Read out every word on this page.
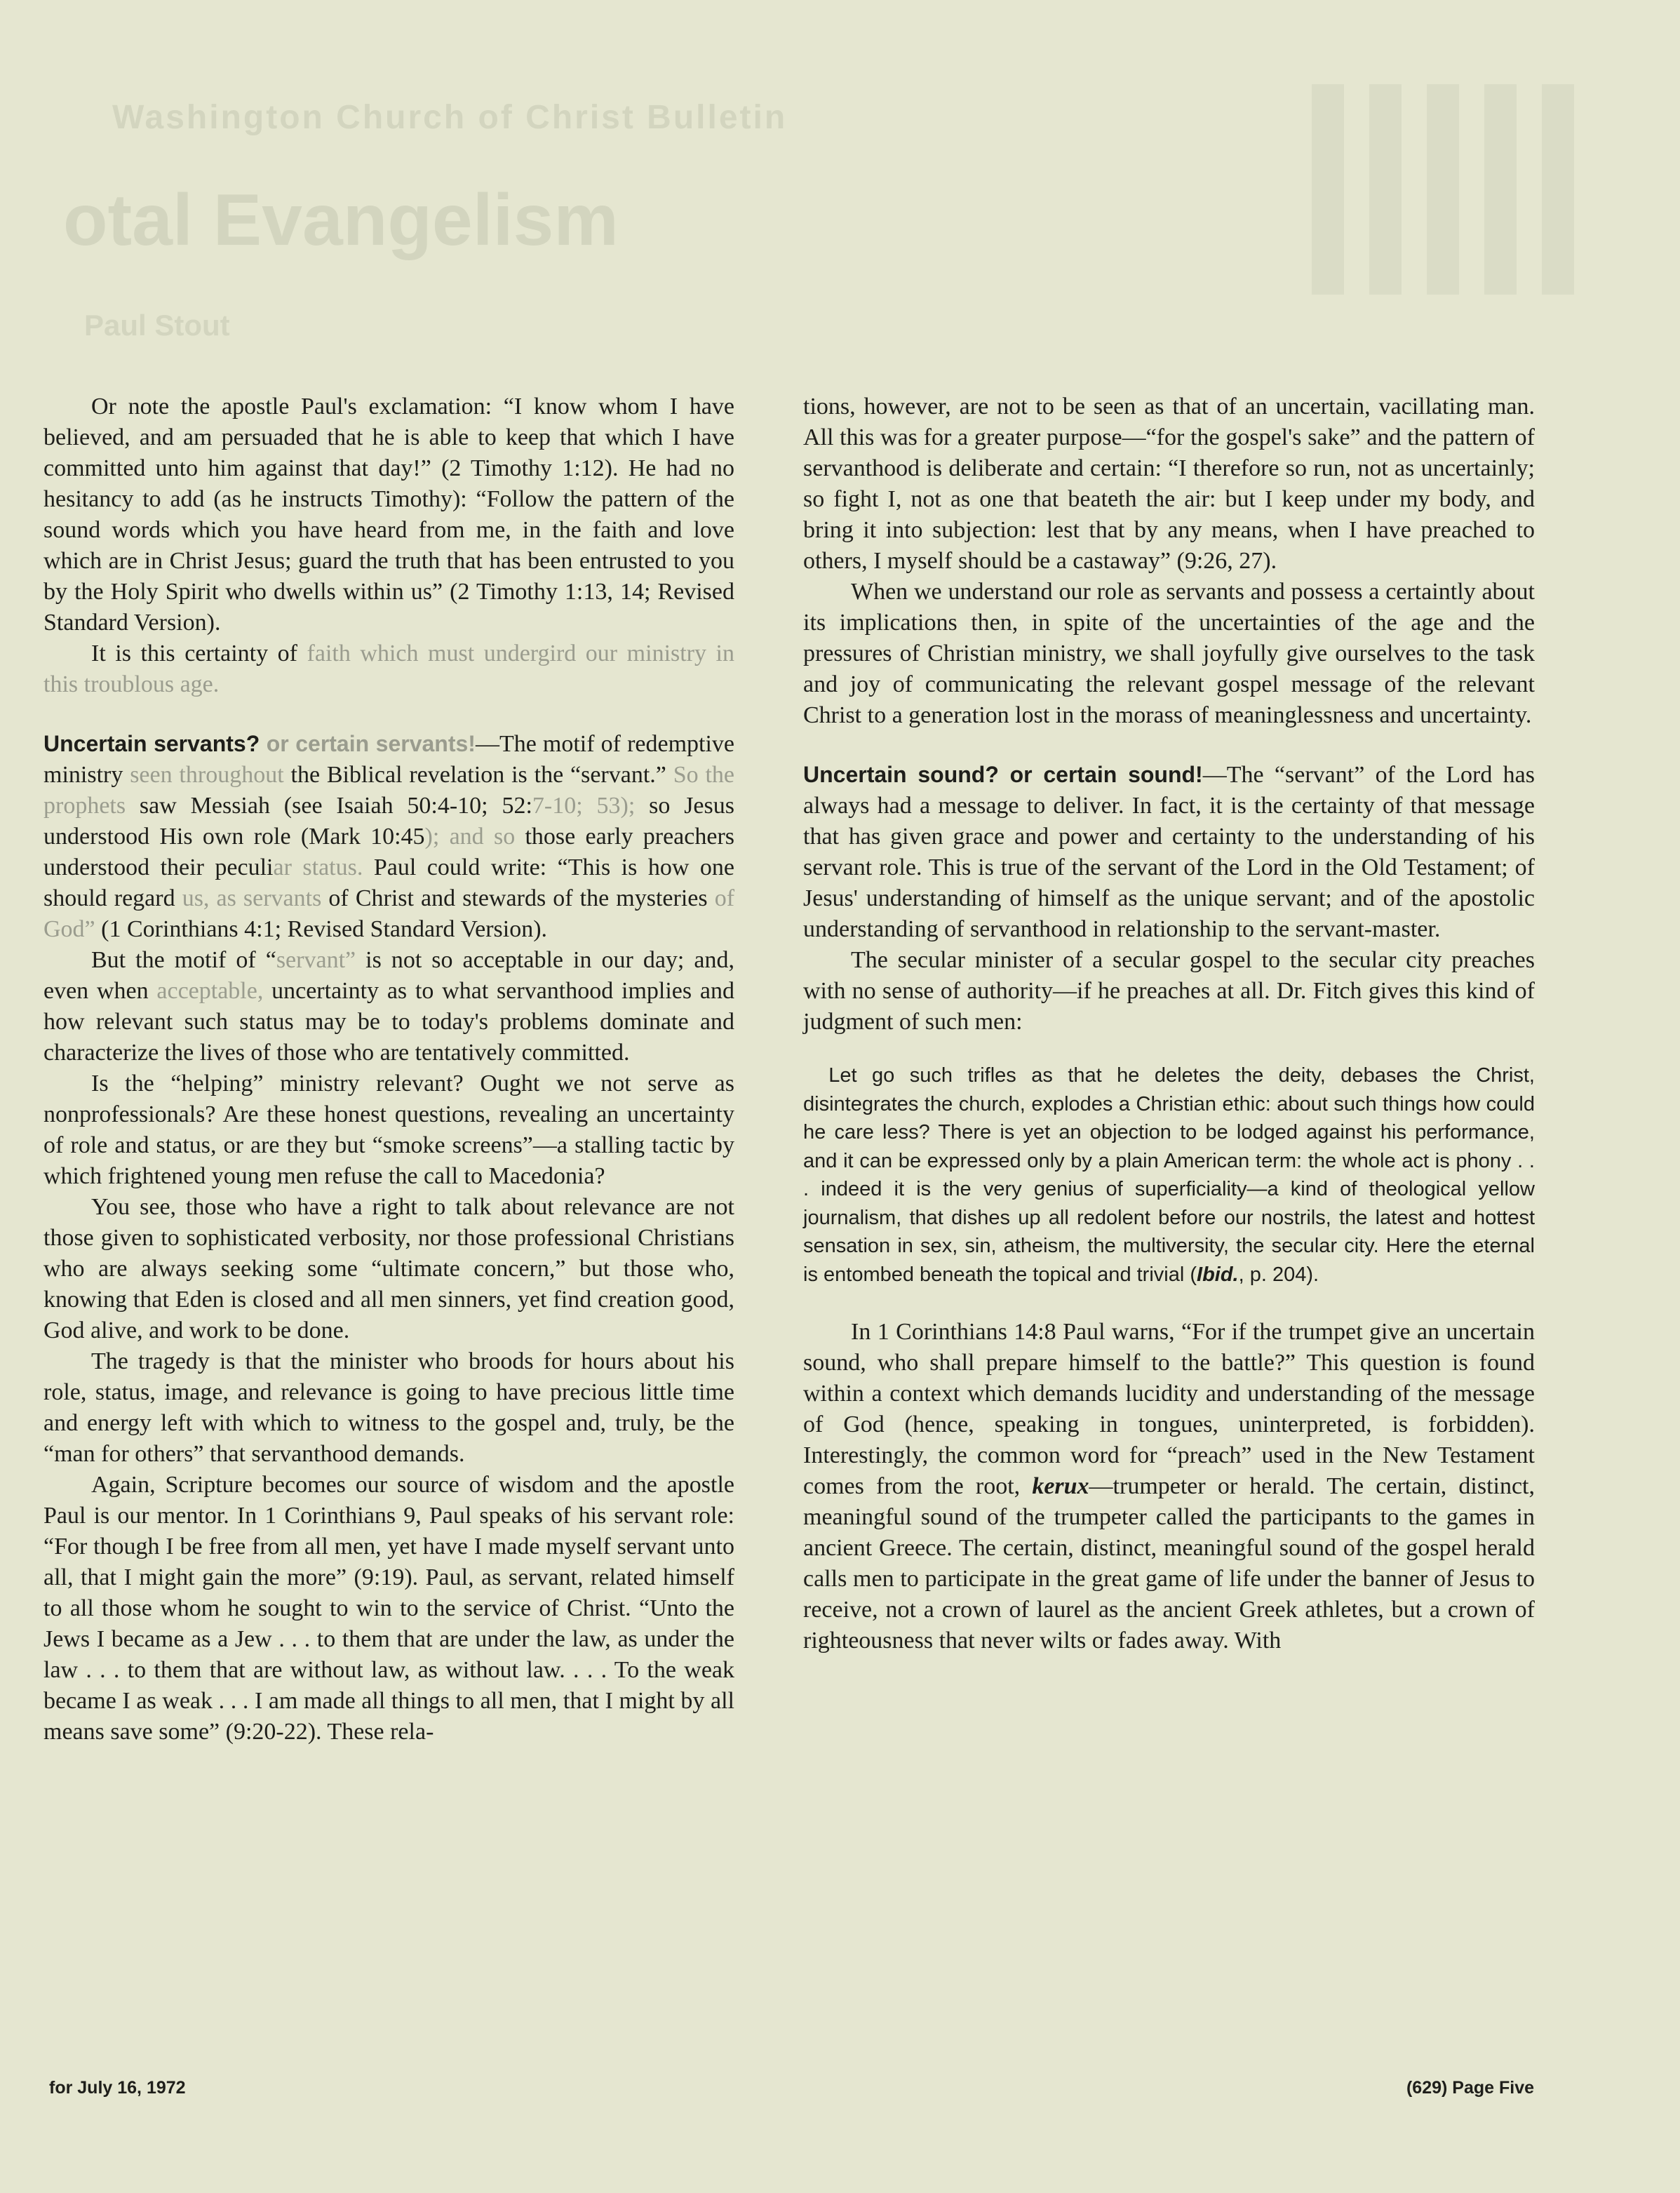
Washington Church of Christ Bulletin
otal Evangelism
Paul Stout

Or note the apostle Paul's exclamation: “I know whom I have believed, and am persuaded that he is able to keep that which I have committed unto him against that day!” (2 Timothy 1:12). He had no hesitancy to add (as he instructs Timothy): “Follow the pattern of the sound words which you have heard from me, in the faith and love which are in Christ Jesus; guard the truth that has been entrusted to you by the Holy Spirit who dwells within us” (2 Timothy 1:13, 14; Revised Standard Version).

It is this certainty of faith which must undergird our ministry in this troublous age.

Uncertain servants? or certain servants!—The motif of redemptive ministry seen throughout the Biblical revelation is the “servant.” So the prophets saw Messiah (see Isaiah 50:4-10; 52:7-10; 53); so Jesus understood His own role (Mark 10:45); and so those early preachers understood their peculiar status. Paul could write: “This is how one should regard us, as servants of Christ and stewards of the mysteries of God” (1 Corinthians 4:1; Revised Standard Version).

But the motif of “servant” is not so acceptable in our day; and, even when acceptable, uncertainty as to what servanthood implies and how relevant such status may be to today's problems dominate and characterize the lives of those who are tentatively committed.

Is the “helping” ministry relevant? Ought we not serve as nonprofessionals? Are these honest questions, revealing an uncertainty of role and status, or are they but “smoke screens”—a stalling tactic by which frightened young men refuse the call to Macedonia?

You see, those who have a right to talk about relevance are not those given to sophisticated verbosity, nor those professional Christians who are always seeking some “ultimate concern,” but those who, knowing that Eden is closed and all men sinners, yet find creation good, God alive, and work to be done.

The tragedy is that the minister who broods for hours about his role, status, image, and relevance is going to have precious little time and energy left with which to witness to the gospel and, truly, be the “man for others” that servanthood demands.

Again, Scripture becomes our source of wisdom and the apostle Paul is our mentor. In 1 Corinthians 9, Paul speaks of his servant role: “For though I be free from all men, yet have I made myself servant unto all, that I might gain the more” (9:19). Paul, as servant, related himself to all those whom he sought to win to the service of Christ. “Unto the Jews I became as a Jew . . . to them that are under the law, as under the law . . . to them that are without law, as without law. . . . To the weak became I as weak . . . I am made all things to all men, that I might by all means save some” (9:20-22). These rela-

tions, however, are not to be seen as that of an uncertain, vacillating man. All this was for a greater purpose—“for the gospel's sake” and the pattern of servanthood is deliberate and certain: “I therefore so run, not as uncertainly; so fight I, not as one that beateth the air: but I keep under my body, and bring it into subjection: lest that by any means, when I have preached to others, I myself should be a castaway” (9:26, 27).

When we understand our role as servants and possess a certaintly about its implications then, in spite of the uncertainties of the age and the pressures of Christian ministry, we shall joyfully give ourselves to the task and joy of communicating the relevant gospel message of the relevant Christ to a generation lost in the morass of meaninglessness and uncertainty.

Uncertain sound? or certain sound!—The “servant” of the Lord has always had a message to deliver. In fact, it is the certainty of that message that has given grace and power and certainty to the understanding of his servant role. This is true of the servant of the Lord in the Old Testament; of Jesus' understanding of himself as the unique servant; and of the apostolic understanding of servanthood in relationship to the servant-master.

The secular minister of a secular gospel to the secular city preaches with no sense of authority—if he preaches at all. Dr. Fitch gives this kind of judgment of such men:

Let go such trifles as that he deletes the deity, debases the Christ, disintegrates the church, explodes a Christian ethic: about such things how could he care less? There is yet an objection to be lodged against his performance, and it can be expressed only by a plain American term: the whole act is phony . . . indeed it is the very genius of superficiality—a kind of theological yellow journalism, that dishes up all redolent before our nostrils, the latest and hottest sensation in sex, sin, atheism, the multiversity, the secular city. Here the eternal is entombed beneath the topical and trivial (Ibid., p. 204).

In 1 Corinthians 14:8 Paul warns, “For if the trumpet give an uncertain sound, who shall prepare himself to the battle?” This question is found within a context which demands lucidity and understanding of the message of God (hence, speaking in tongues, uninterpreted, is forbidden). Interestingly, the common word for “preach” used in the New Testament comes from the root, kerux—trumpeter or herald. The certain, distinct, meaningful sound of the trumpeter called the participants to the games in ancient Greece. The certain, distinct, meaningful sound of the gospel herald calls men to participate in the great game of life under the banner of Jesus to receive, not a crown of laurel as the ancient Greek athletes, but a crown of righteousness that never wilts or fades away. With

for July 16, 1972	(629) Page Five
